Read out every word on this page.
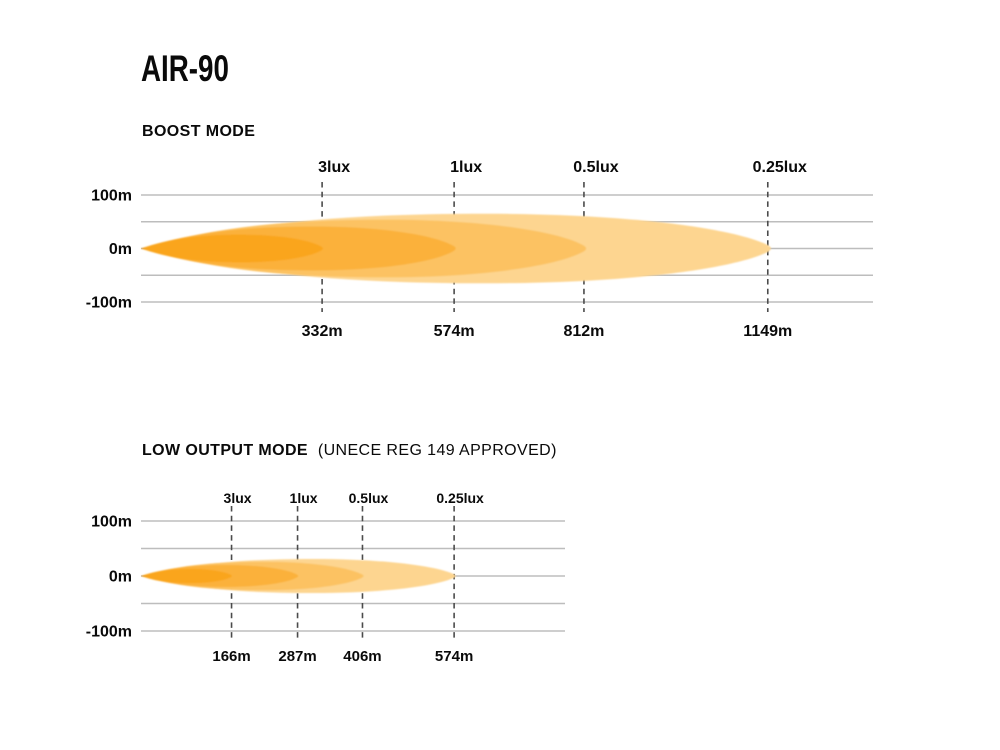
AIR-90

BOOST MODE

100m
0m
-100m
3lux
332m
1lux
574m
0.5lux
812m
0.25lux
1149m

LOW OUTPUT MODE (UNECE REG 149 APPROVED)

100m
0m
-100m
3lux
166m
1lux
287m
0.5lux
406m
0.25lux
574m
